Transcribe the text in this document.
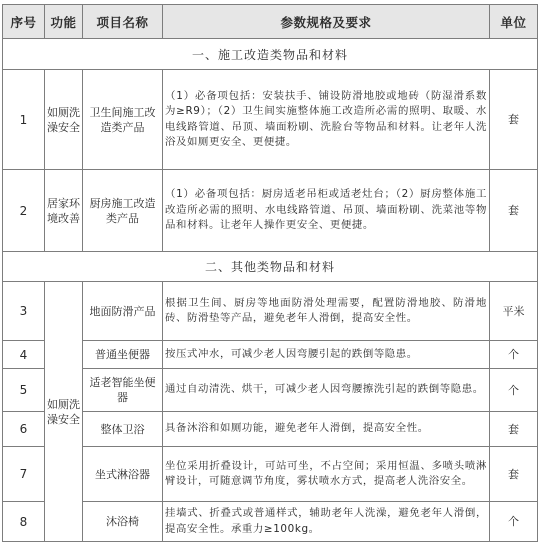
序号	功能	项目名称	参数规格及要求	单位
一、施工改造类物品和材料				
1	如厕洗澡安全	卫生间施工改造类产品	（1）必备项包括：安装扶手、铺设防滑地胶或地砖（防湿滑系数为≥R9）；（2）卫生间实施整体施工改造所必需的照明、取暖、水电线路管道、吊顶、墙面粉刷、洗脸台等物品和材料。让老年人洗浴及如厕更安全、更便捷。	套
2	居家环境改善	厨房施工改造类产品	（1）必备项包括：厨房适老吊柜或适老灶台；（2）厨房整体施工改造所必需的照明、水电线路管道、吊顶、墙面粉刷、洗菜池等物品和材料。让老年人操作更安全、更便捷。	套
二、其他类物品和材料				
3	如厕洗澡安全	地面防滑产品	根据卫生间、厨房等地面防滑处理需要，配置防滑地胶、防滑地砖、防滑垫等产品，避免老年人滑倒，提高安全性。	平米
4		普通坐便器	按压式冲水，可减少老人因弯腰引起的跌倒等隐患。	个
5		适老智能坐便器	通过自动清洗、烘干，可减少老人因弯腰擦洗引起的跌倒等隐患。	个
6		整体卫浴	具备沐浴和如厕功能，避免老年人滑倒，提高安全性。	套
7		坐式淋浴器	坐位采用折叠设计，可站可坐，不占空间；采用恒温、多喷头喷淋臂设计，可随意调节角度，雾状喷水方式，提高老人洗浴安全。	套
8		沐浴椅	挂墙式、折叠式或普通样式，辅助老年人洗澡，避免老年人滑倒，提高安全性。承重力≥100kg。	个
